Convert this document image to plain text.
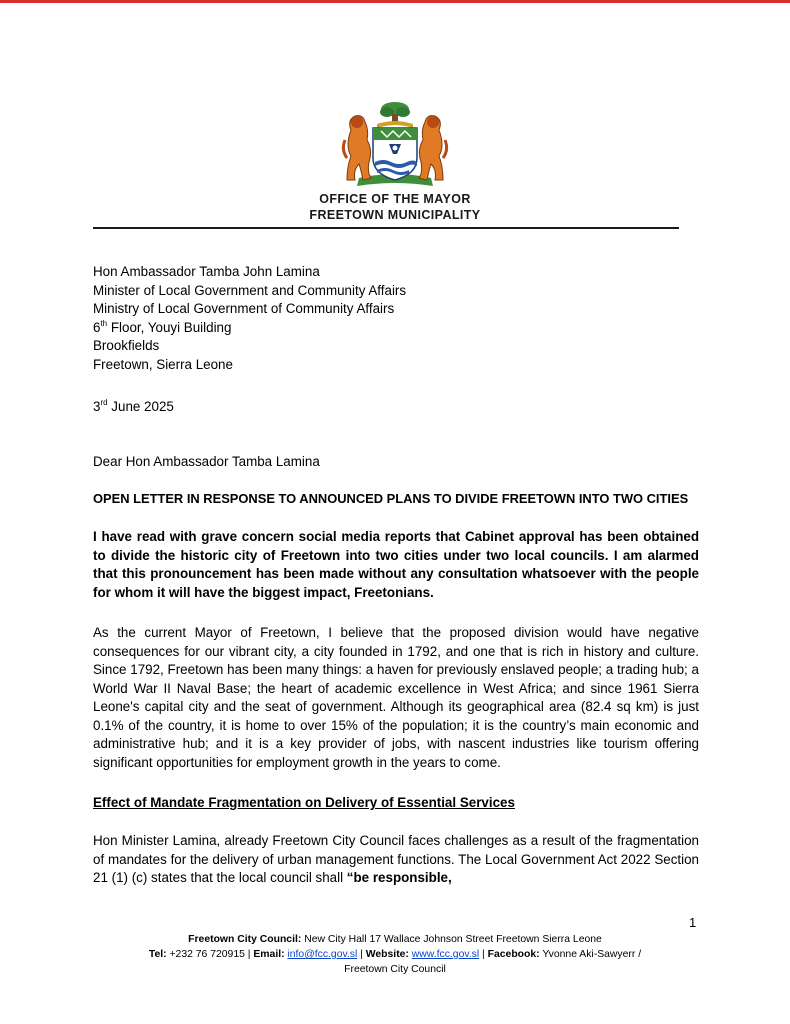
OFFICE OF THE MAYOR
FREETOWN MUNICIPALITY
Hon Ambassador Tamba John Lamina
Minister of Local Government and Community Affairs
Ministry of Local Government of Community Affairs
6th Floor, Youyi Building
Brookfields
Freetown, Sierra Leone
3rd June 2025
Dear Hon Ambassador Tamba Lamina
OPEN LETTER IN RESPONSE TO ANNOUNCED PLANS TO DIVIDE FREETOWN INTO TWO CITIES
I have read with grave concern social media reports that Cabinet approval has been obtained to divide the historic city of Freetown into two cities under two local councils. I am alarmed that this pronouncement has been made without any consultation whatsoever with the people for whom it will have the biggest impact, Freetonians.
As the current Mayor of Freetown, I believe that the proposed division would have negative consequences for our vibrant city, a city founded in 1792, and one that is rich in history and culture. Since 1792, Freetown has been many things: a haven for previously enslaved people; a trading hub; a World War II Naval Base; the heart of academic excellence in West Africa; and since 1961 Sierra Leone's capital city and the seat of government. Although its geographical area (82.4 sq km) is just 0.1% of the country, it is home to over 15% of the population; it is the country’s main economic and administrative hub; and it is a key provider of jobs, with nascent industries like tourism offering significant opportunities for employment growth in the years to come.
Effect of Mandate Fragmentation on Delivery of Essential Services
Hon Minister Lamina, already Freetown City Council faces challenges as a result of the fragmentation of mandates for the delivery of urban management functions. The Local Government Act 2022 Section 21 (1) (c) states that the local council shall “be responsible,
1
Freetown City Council: New City Hall 17 Wallace Johnson Street Freetown Sierra Leone
Tel: +232 76 720915 | Email: info@fcc.gov.sl | Website: www.fcc.gov.sl | Facebook: Yvonne Aki-Sawyerr /
Freetown City Council
